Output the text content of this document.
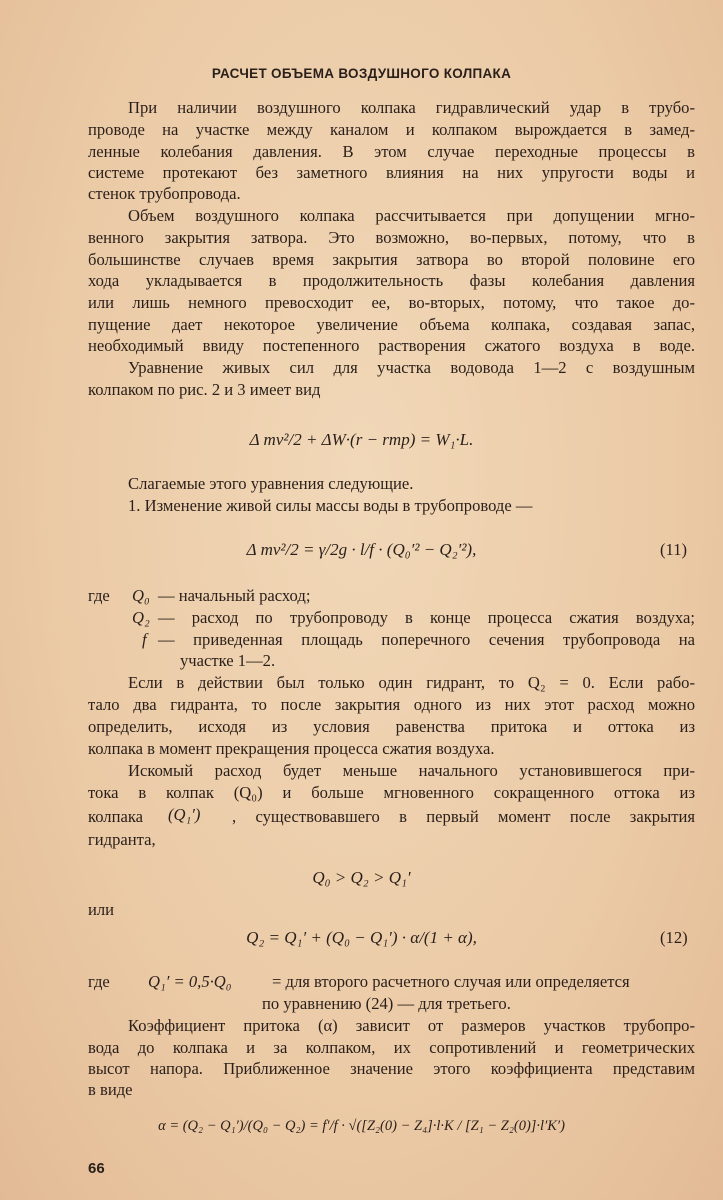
РАСЧЕТ ОБЪЕМА ВОЗДУШНОГО КОЛПАКА
При наличии воздушного колпака гидравлический удар в трубо-
проводе на участке между каналом и колпаком вырождается в замед-
ленные колебания давления. В этом случае переходные процессы в
системе протекают без заметного влияния на них упругости воды и
стенок трубопровода.
Объем воздушного колпака рассчитывается при допущении мгно-
венного закрытия затвора. Это возможно, во-первых, потому, что в
большинстве случаев время закрытия затвора во второй половине его
хода укладывается в продолжительность фазы колебания давления
или лишь немного превосходит ее, во-вторых, потому, что такое до-
пущение дает некоторое увеличение объема колпака, создавая запас,
необходимый ввиду постепенного растворения сжатого воздуха в воде.
Уравнение живых сил для участка водовода 1—2 с воздушным
колпаком по рис. 2 и 3 имеет вид
Δ mv²/2 + ΔW·(r − rтр) = W₁·L.
Слагаемые этого уравнения следующие.
1. Изменение живой силы массы воды в трубопроводе —
Δ mv²/2 = γ/2g · l/f · (Q₀′² − Q₂′²),	(11)
где Q₀ — начальный расход;
Q₂ — расход по трубопроводу в конце процесса сжатия воздуха;
f — приведенная площадь поперечного сечения трубопровода на
участке 1—2.
Если в действии был только один гидрант, то Q₂ = 0. Если рабо-
тало два гидранта, то после закрытия одного из них этот расход можно
определить, исходя из условия равенства притока и оттока из
колпака в момент прекращения процесса сжатия воздуха.
Искомый расход будет меньше начального установившегося при-
тока в колпак (Q₀) и больше мгновенного сокращенного оттока из
колпака (Q₁′) , существовавшего в первый момент после закрытия
гидранта,
Q₀ > Q₂ > Q₁′
или
Q₂ = Q₁′ + (Q₀ − Q₁′) · α/(1 + α),	(12)
где Q₁′ = 0,5·Q₀ = для второго расчетного случая или определяется
по уравнению (24) — для третьего.
Коэффициент притока (α) зависит от размеров участков трубопро-
вода до колпака и за колпаком, их сопротивлений и геометрических
высот напора. Приближенное значение этого коэффициента представим
в виде
α = (Q₂ − Q₁′)/(Q₀ − Q₂) = f′/f · √([Z₂(0) − Z₄]·l·K / [Z₁ − Z₂(0)]·l′K′)
66
